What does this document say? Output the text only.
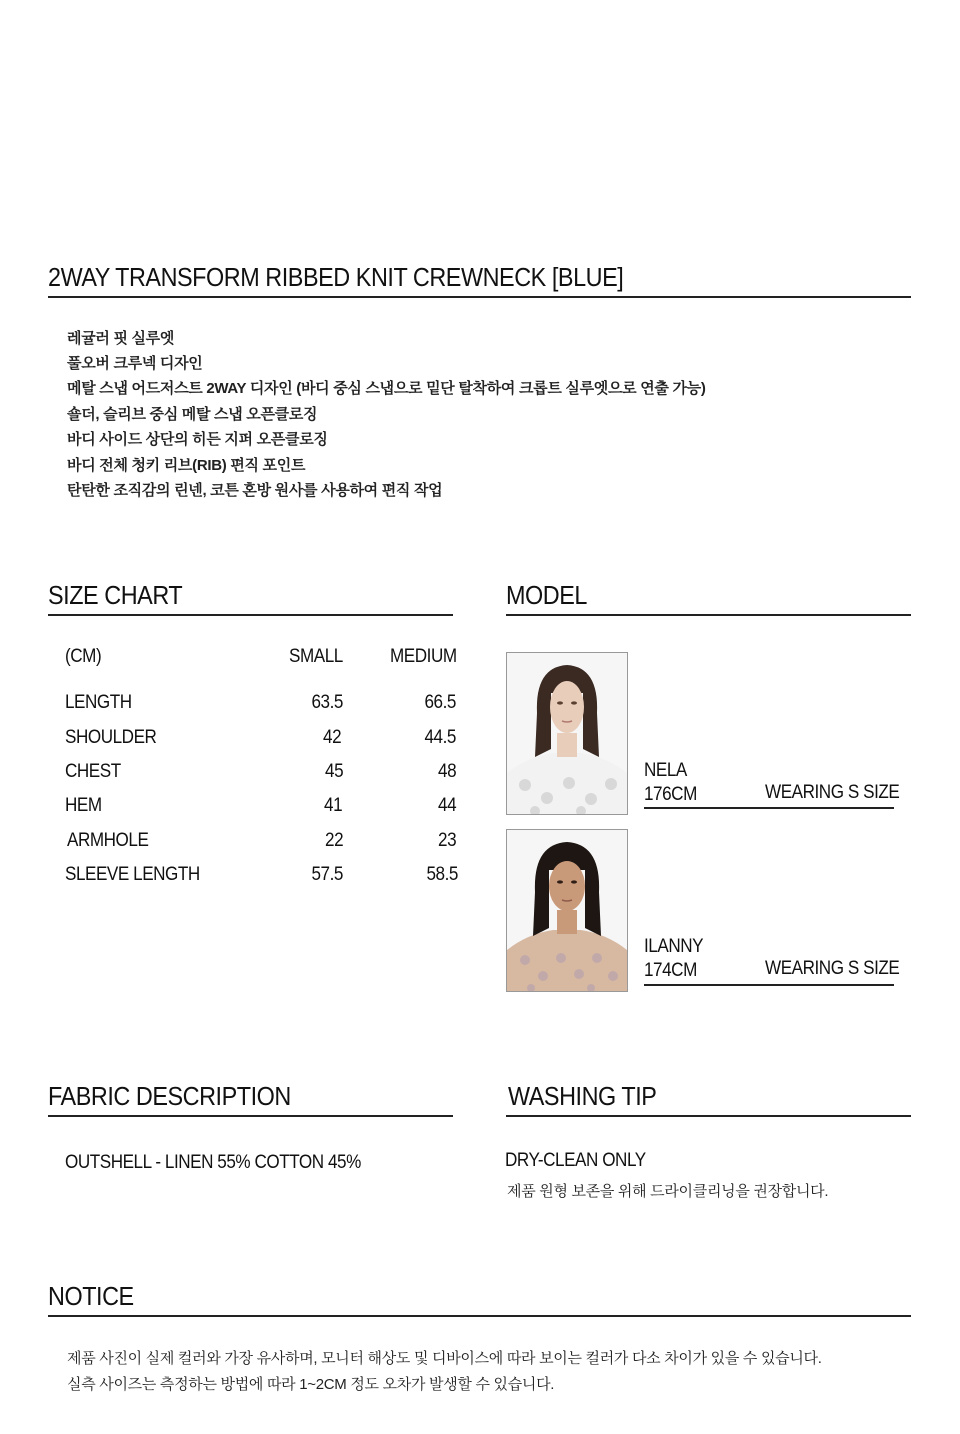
2WAY TRANSFORM RIBBED KNIT CREWNECK [BLUE]
레귤러 핏 실루엣
풀오버 크루넥 디자인
메탈 스냅 어드저스트 2WAY 디자인 (바디 중심 스냅으로 밑단 탈착하여 크롭트 실루엣으로 연출 가능)
숄더, 슬리브 중심 메탈 스냅 오픈클로징
바디 사이드 상단의 히든 지퍼 오픈클로징
바디 전체 청키 리브(RIB) 편직 포인트
탄탄한 조직감의 린넨, 코튼 혼방 원사를 사용하여 편직 작업
SIZE CHART
(CM)	SMALL MEDIUM
LENGTH	63.5	66.5
SHOULDER	42	44.5
CHEST	45	48
HEM	41	44
ARMHOLE	22	23
SLEEVE LENGTH	57.5	58.5
MODEL
NELA
176CM	WEARING S SIZE
ILANNY
174CM	WEARING S SIZE
FABRIC DESCRIPTION
OUTSHELL - LINEN 55% COTTON 45%
WASHING TIP
DRY-CLEAN ONLY
제품 원형 보존을 위해 드라이클리닝을 권장합니다.
NOTICE
제품 사진이 실제 컬러와 가장 유사하며, 모니터 해상도 및 디바이스에 따라 보이는 컬러가 다소 차이가 있을 수 있습니다.
실측 사이즈는 측정하는 방법에 따라 1~2CM 정도 오차가 발생할 수 있습니다.
